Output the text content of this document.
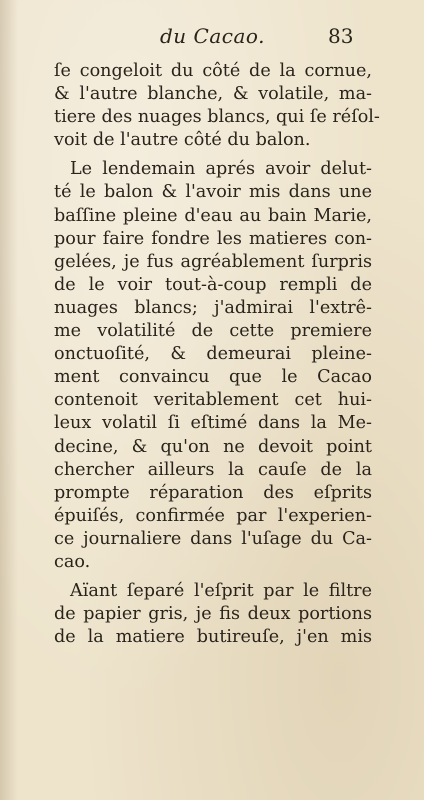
du Cacao.	83
ſe congeloit du côté de la cornue,
& l'autre blanche, & volatile, ma-
tiere des nuages blancs, qui ſe réſol-
voit de l'autre côté du balon.
Le lendemain aprés avoir delut-
té le balon & l'avoir mis dans une
baſſine pleine d'eau au bain Marie,
pour faire fondre les matieres con-
gelées, je fus agréablement ſurpris
de le voir tout-à-coup rempli de
nuages blancs; j'admirai l'extrê-
me volatilité de cette premiere
onctuoſité, & demeurai pleine-
ment convaincu que le Cacao
contenoit veritablement cet hui-
leux volatil ſi eſtimé dans la Me-
decine, & qu'on ne devoit point
chercher ailleurs la cauſe de la
prompte réparation des eſprits
épuiſés, confirmée par l'experien-
ce journaliere dans l'uſage du Ca-
cao.
Aïant ſeparé l'eſprit par le filtre
de papier gris, je fis deux portions
de la matiere butireuſe, j'en mis
